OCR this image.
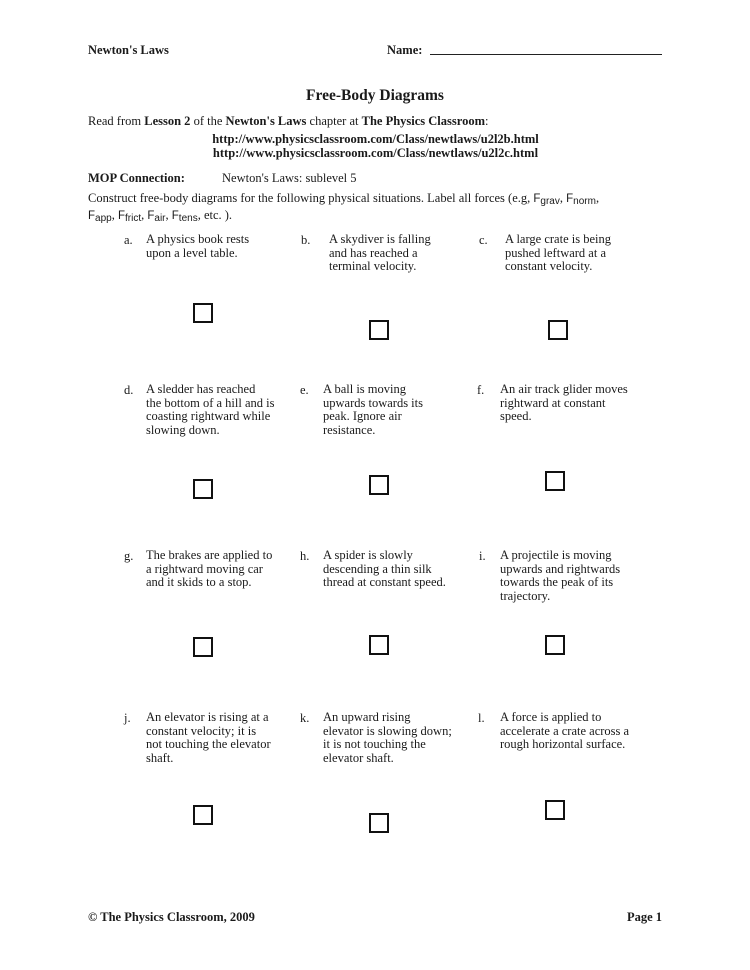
Newton's Laws	Name:
Free-Body Diagrams
Read from Lesson 2 of the Newton's Laws chapter at The Physics Classroom:
http://www.physicsclassroom.com/Class/newtlaws/u2l2b.html
http://www.physicsclassroom.com/Class/newtlaws/u2l2c.html
MOP Connection:	Newton's Laws: sublevel 5
Construct free-body diagrams for the following physical situations. Label all forces (e.g, $F_{grav}$, $F_{norm}$,
$F_{app}$, $F_{frict}$, $F_{air}$, $F_{tens}$, etc. ).
a.	A physics book rests
upon a level table.
b.	A skydiver is falling
and has reached a
terminal velocity.
c.	A large crate is being
pushed leftward at a
constant velocity.
d.	A sledder has reached
the bottom of a hill and is
coasting rightward while
slowing down.
e.	A ball is moving
upwards towards its
peak. Ignore air
resistance.
f.	An air track glider moves
rightward at constant
speed.
g.	The brakes are applied to
a rightward moving car
and it skids to a stop.
h.	A spider is slowly
descending a thin silk
thread at constant speed.
i.	A projectile is moving
upwards and rightwards
towards the peak of its
trajectory.
j.	An elevator is rising at a
constant velocity; it is
not touching the elevator
shaft.
k.	An upward rising
elevator is slowing down;
it is not touching the
elevator shaft.
l.	A force is applied to
accelerate a crate across a
rough horizontal surface.
© The Physics Classroom, 2009	Page 1
